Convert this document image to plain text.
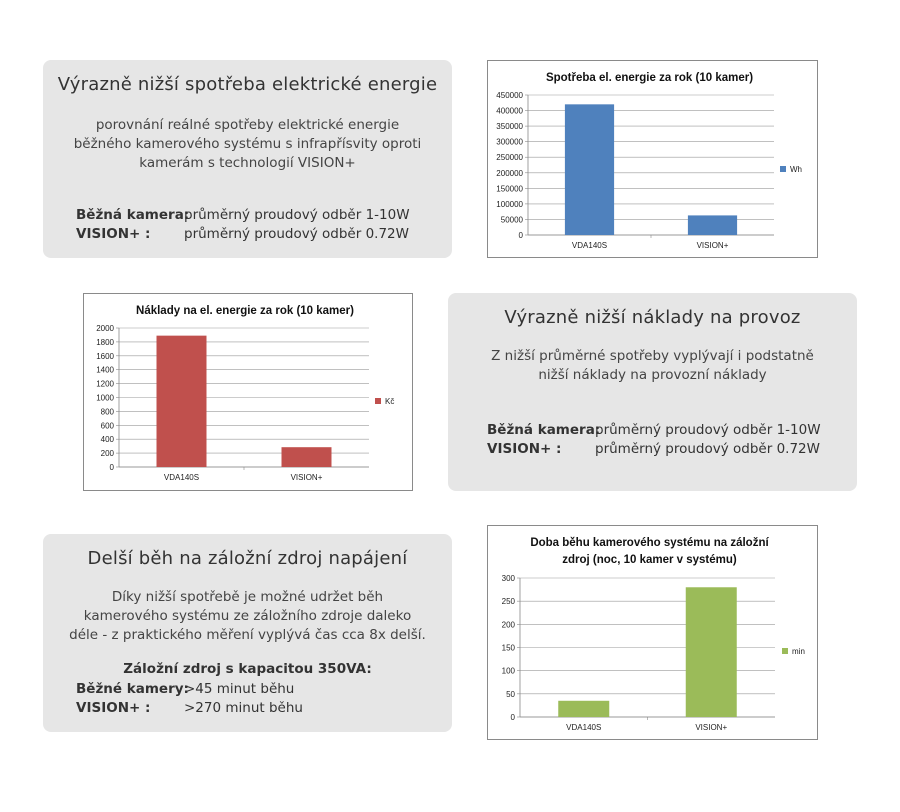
Výrazně nižší spotřeba elektrické energie
porovnání reálné spotřeby elektrické energie
běžného kamerového systému s infrapřísvity oproti
kamerám s technologií VISION+
Běžná kamera:průměrný proudový odběr 1-10W
VISION+ : průměrný proudový odběr 0.72W
Výrazně nižší náklady na provoz
Z nižší průměrné spotřeby vyplývají i podstatně
nižší náklady na provozní náklady
Běžná kamera:průměrný proudový odběr 1-10W
VISION+ : průměrný proudový odběr 0.72W
Delší běh na záložní zdroj napájení
Díky nižší spotřebě je možné udržet běh
kamerového systému ze záložního zdroje daleko
déle - z praktického měření vyplývá čas cca 8x delší.
Záložní zdroj s kapacitou 350VA:
Běžné kamery:>45 minut běhu
VISION+ : >270 minut běhu
Spotřeba el. energie za rok (10 kamer)
0
50000
100000
150000
200000
250000
300000
350000
400000
450000
VDA140S	VISION+
Wh
Náklady na el. energie za rok (10 kamer)
0
200
400
600
800
1000
1200
1400
1600
1800
2000
VDA140S	VISION+
Kč
Doba běhu kamerového systému na záložní
zdroj (noc, 10 kamer v systému)
0
50
100
150
200
250
300
VDA140S	VISION+
min
